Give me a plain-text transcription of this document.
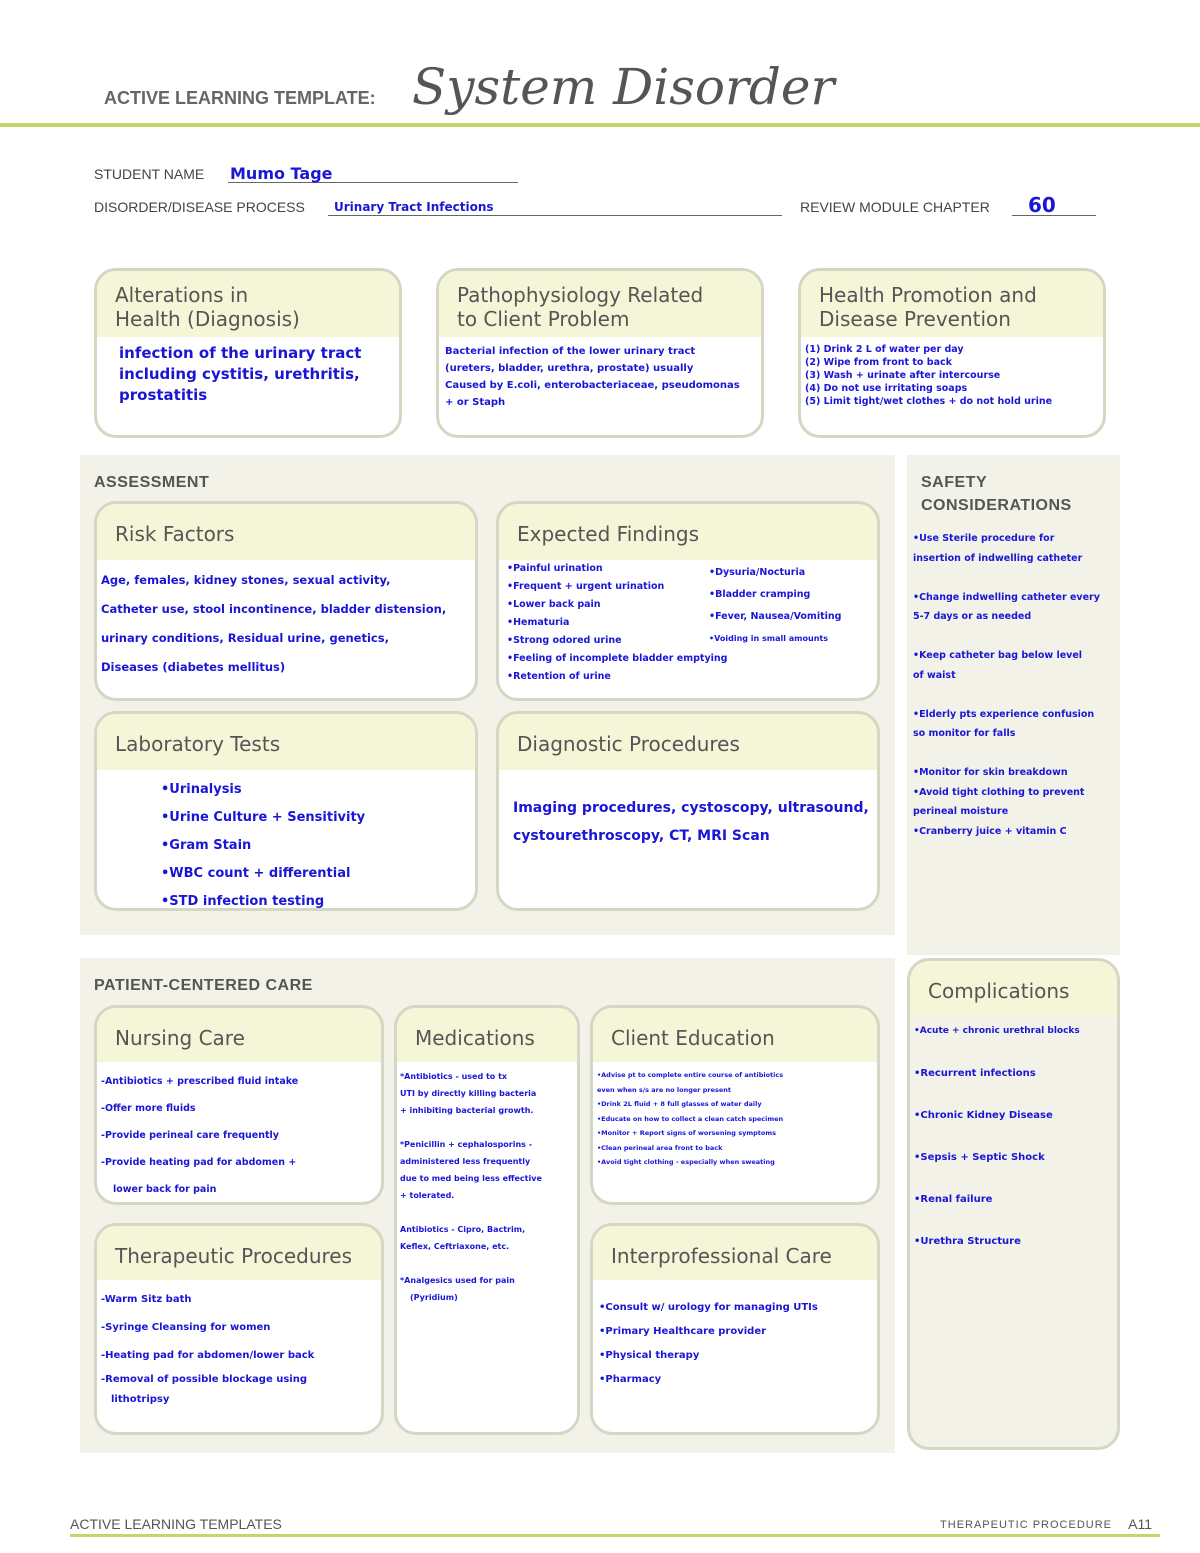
ACTIVE LEARNING TEMPLATE: System Disorder
STUDENT NAME Mumo Tage
DISORDER/DISEASE PROCESS Urinary Tract Infections	REVIEW MODULE CHAPTER 60
Alterations in
Health (Diagnosis)
infection of the urinary tract
including cystitis, urethritis,
prostatitis
Pathophysiology Related
to Client Problem
Bacterial infection of the lower urinary tract
(ureters, bladder, urethra, prostate) usually
Caused by E.coli, enterobacteriaceae, pseudomonas
+ or Staph
Health Promotion and
Disease Prevention
(1) Drink 2 L of water per day
(2) Wipe from front to back
(3) Wash + urinate after intercourse
(4) Do not use irritating soaps
(5) Limit tight/wet clothes + do not hold urine
ASSESSMENT
Risk Factors
Age, females, kidney stones, sexual activity,
Catheter use, stool incontinence, bladder distension,
urinary conditions, Residual urine, genetics,
Diseases (diabetes mellitus)
Expected Findings
•Painful urination
•Frequent + urgent urination
•Lower back pain
•Hematuria
•Strong odored urine
•Feeling of incomplete bladder emptying
•Retention of urine
•Dysuria/Nocturia
•Bladder cramping
•Fever, Nausea/Vomiting
•Voiding in small amounts
Laboratory Tests
•Urinalysis
•Urine Culture + Sensitivity
•Gram Stain
•WBC count + differential
•STD infection testing
Diagnostic Procedures
Imaging procedures, cystoscopy, ultrasound,
cystourethroscopy, CT, MRI Scan
SAFETY
CONSIDERATIONS
•Use Sterile procedure for
insertion of indwelling catheter
•Change indwelling catheter every
5-7 days or as needed
•Keep catheter bag below level
of waist
•Elderly pts experience confusion
so monitor for falls
•Monitor for skin breakdown
•Avoid tight clothing to prevent
perineal moisture
•Cranberry juice + vitamin C
PATIENT-CENTERED CARE
Nursing Care
-Antibiotics + prescribed fluid intake
-Offer more fluids
-Provide perineal care frequently
-Provide heating pad for abdomen +
lower back for pain
Medications
*Antibiotics - used to tx
UTI by directly killing bacteria
+ inhibiting bacterial growth.
*Penicillin + cephalosporins -
administered less frequently
due to med being less effective
+ tolerated.
Antibiotics - Cipro, Bactrim,
Keflex, Ceftriaxone, etc.
*Analgesics used for pain
(Pyridium)
Client Education
•Advise pt to complete entire course of antibiotics
even when s/s are no longer present
•Drink 2L fluid + 8 full glasses of water daily
•Educate on how to collect a clean catch specimen
•Monitor + Report signs of worsening symptoms
•Clean perineal area front to back
•Avoid tight clothing - especially when sweating
Therapeutic Procedures
-Warm Sitz bath
-Syringe Cleansing for women
-Heating pad for abdomen/lower back
-Removal of possible blockage using
lithotripsy
Interprofessional Care
•Consult w/ urology for managing UTIs
•Primary Healthcare provider
•Physical therapy
•Pharmacy
Complications
•Acute + chronic urethral blocks
•Recurrent infections
•Chronic Kidney Disease
•Sepsis + Septic Shock
•Renal failure
•Urethra Structure
ACTIVE LEARNING TEMPLATES	THERAPEUTIC PROCEDURE A11
